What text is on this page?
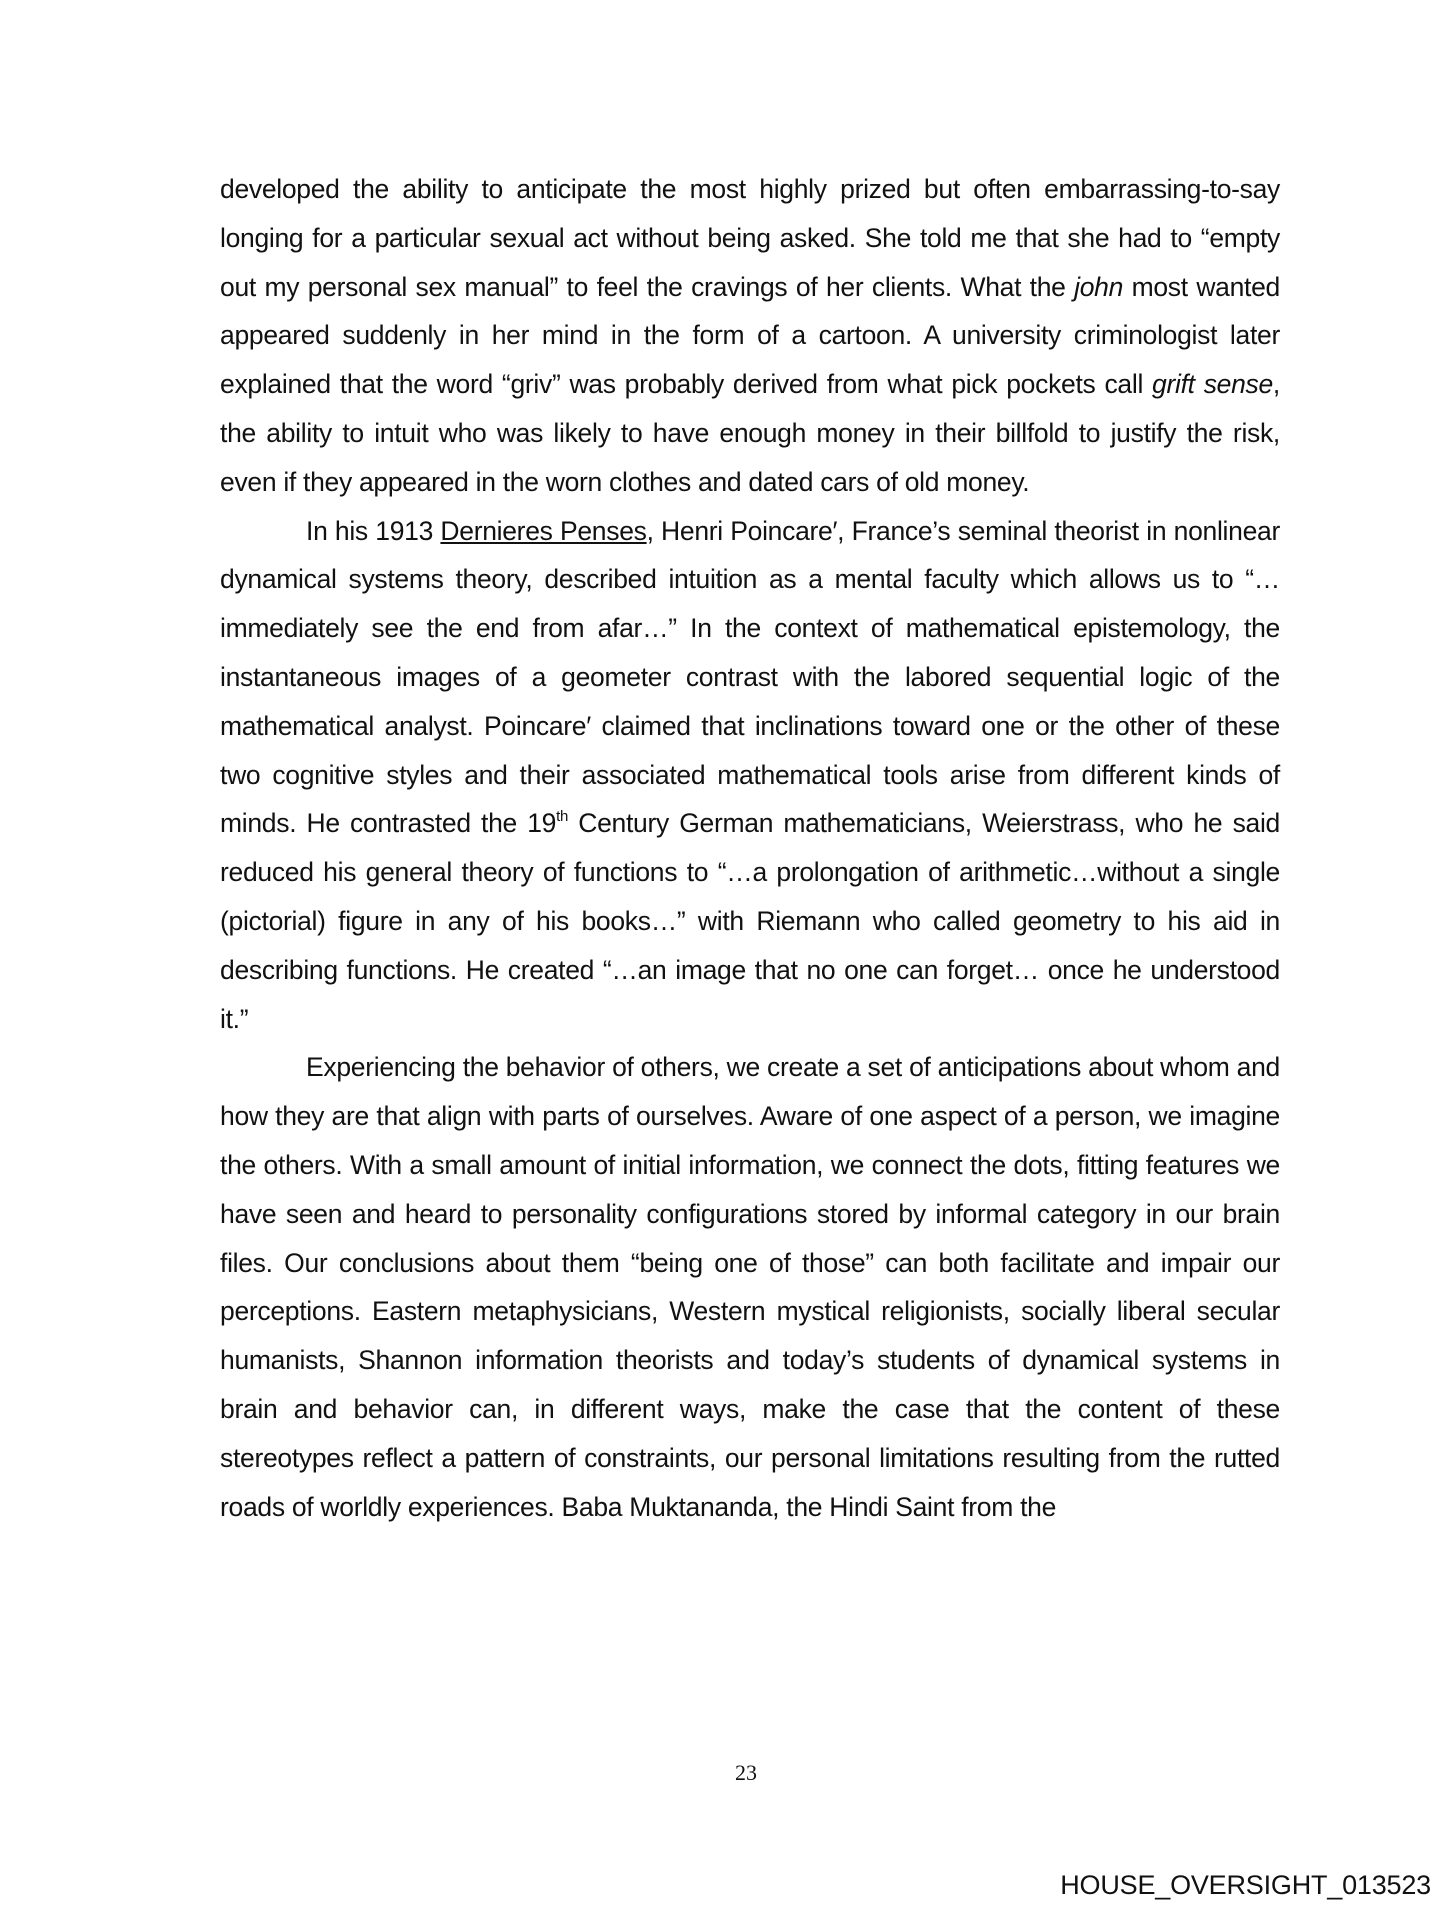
developed the ability to anticipate the most highly prized but often embarrassing-to-say longing for a particular sexual act without being asked. She told me that she had to “empty out my personal sex manual” to feel the cravings of her clients. What the john most wanted appeared suddenly in her mind in the form of a cartoon. A university criminologist later explained that the word “griv” was probably derived from what pick pockets call grift sense, the ability to intuit who was likely to have enough money in their billfold to justify the risk, even if they appeared in the worn clothes and dated cars of old money.

In his 1913 Dernieres Penses, Henri Poincare′, France’s seminal theorist in nonlinear dynamical systems theory, described intuition as a mental faculty which allows us to “…immediately see the end from afar…” In the context of mathematical epistemology, the instantaneous images of a geometer contrast with the labored sequential logic of the mathematical analyst. Poincare′ claimed that inclinations toward one or the other of these two cognitive styles and their associated mathematical tools arise from different kinds of minds. He contrasted the 19th Century German mathematicians, Weierstrass, who he said reduced his general theory of functions to “…a prolongation of arithmetic…without a single (pictorial) figure in any of his books…” with Riemann who called geometry to his aid in describing functions. He created “…an image that no one can forget… once he understood it.”

Experiencing the behavior of others, we create a set of anticipations about whom and how they are that align with parts of ourselves. Aware of one aspect of a person, we imagine the others. With a small amount of initial information, we connect the dots, fitting features we have seen and heard to personality configurations stored by informal category in our brain files. Our conclusions about them “being one of those” can both facilitate and impair our perceptions. Eastern metaphysicians, Western mystical religionists, socially liberal secular humanists, Shannon information theorists and today’s students of dynamical systems in brain and behavior can, in different ways, make the case that the content of these stereotypes reflect a pattern of constraints, our personal limitations resulting from the rutted roads of worldly experiences. Baba Muktananda, the Hindi Saint from the

23
HOUSE_OVERSIGHT_013523
